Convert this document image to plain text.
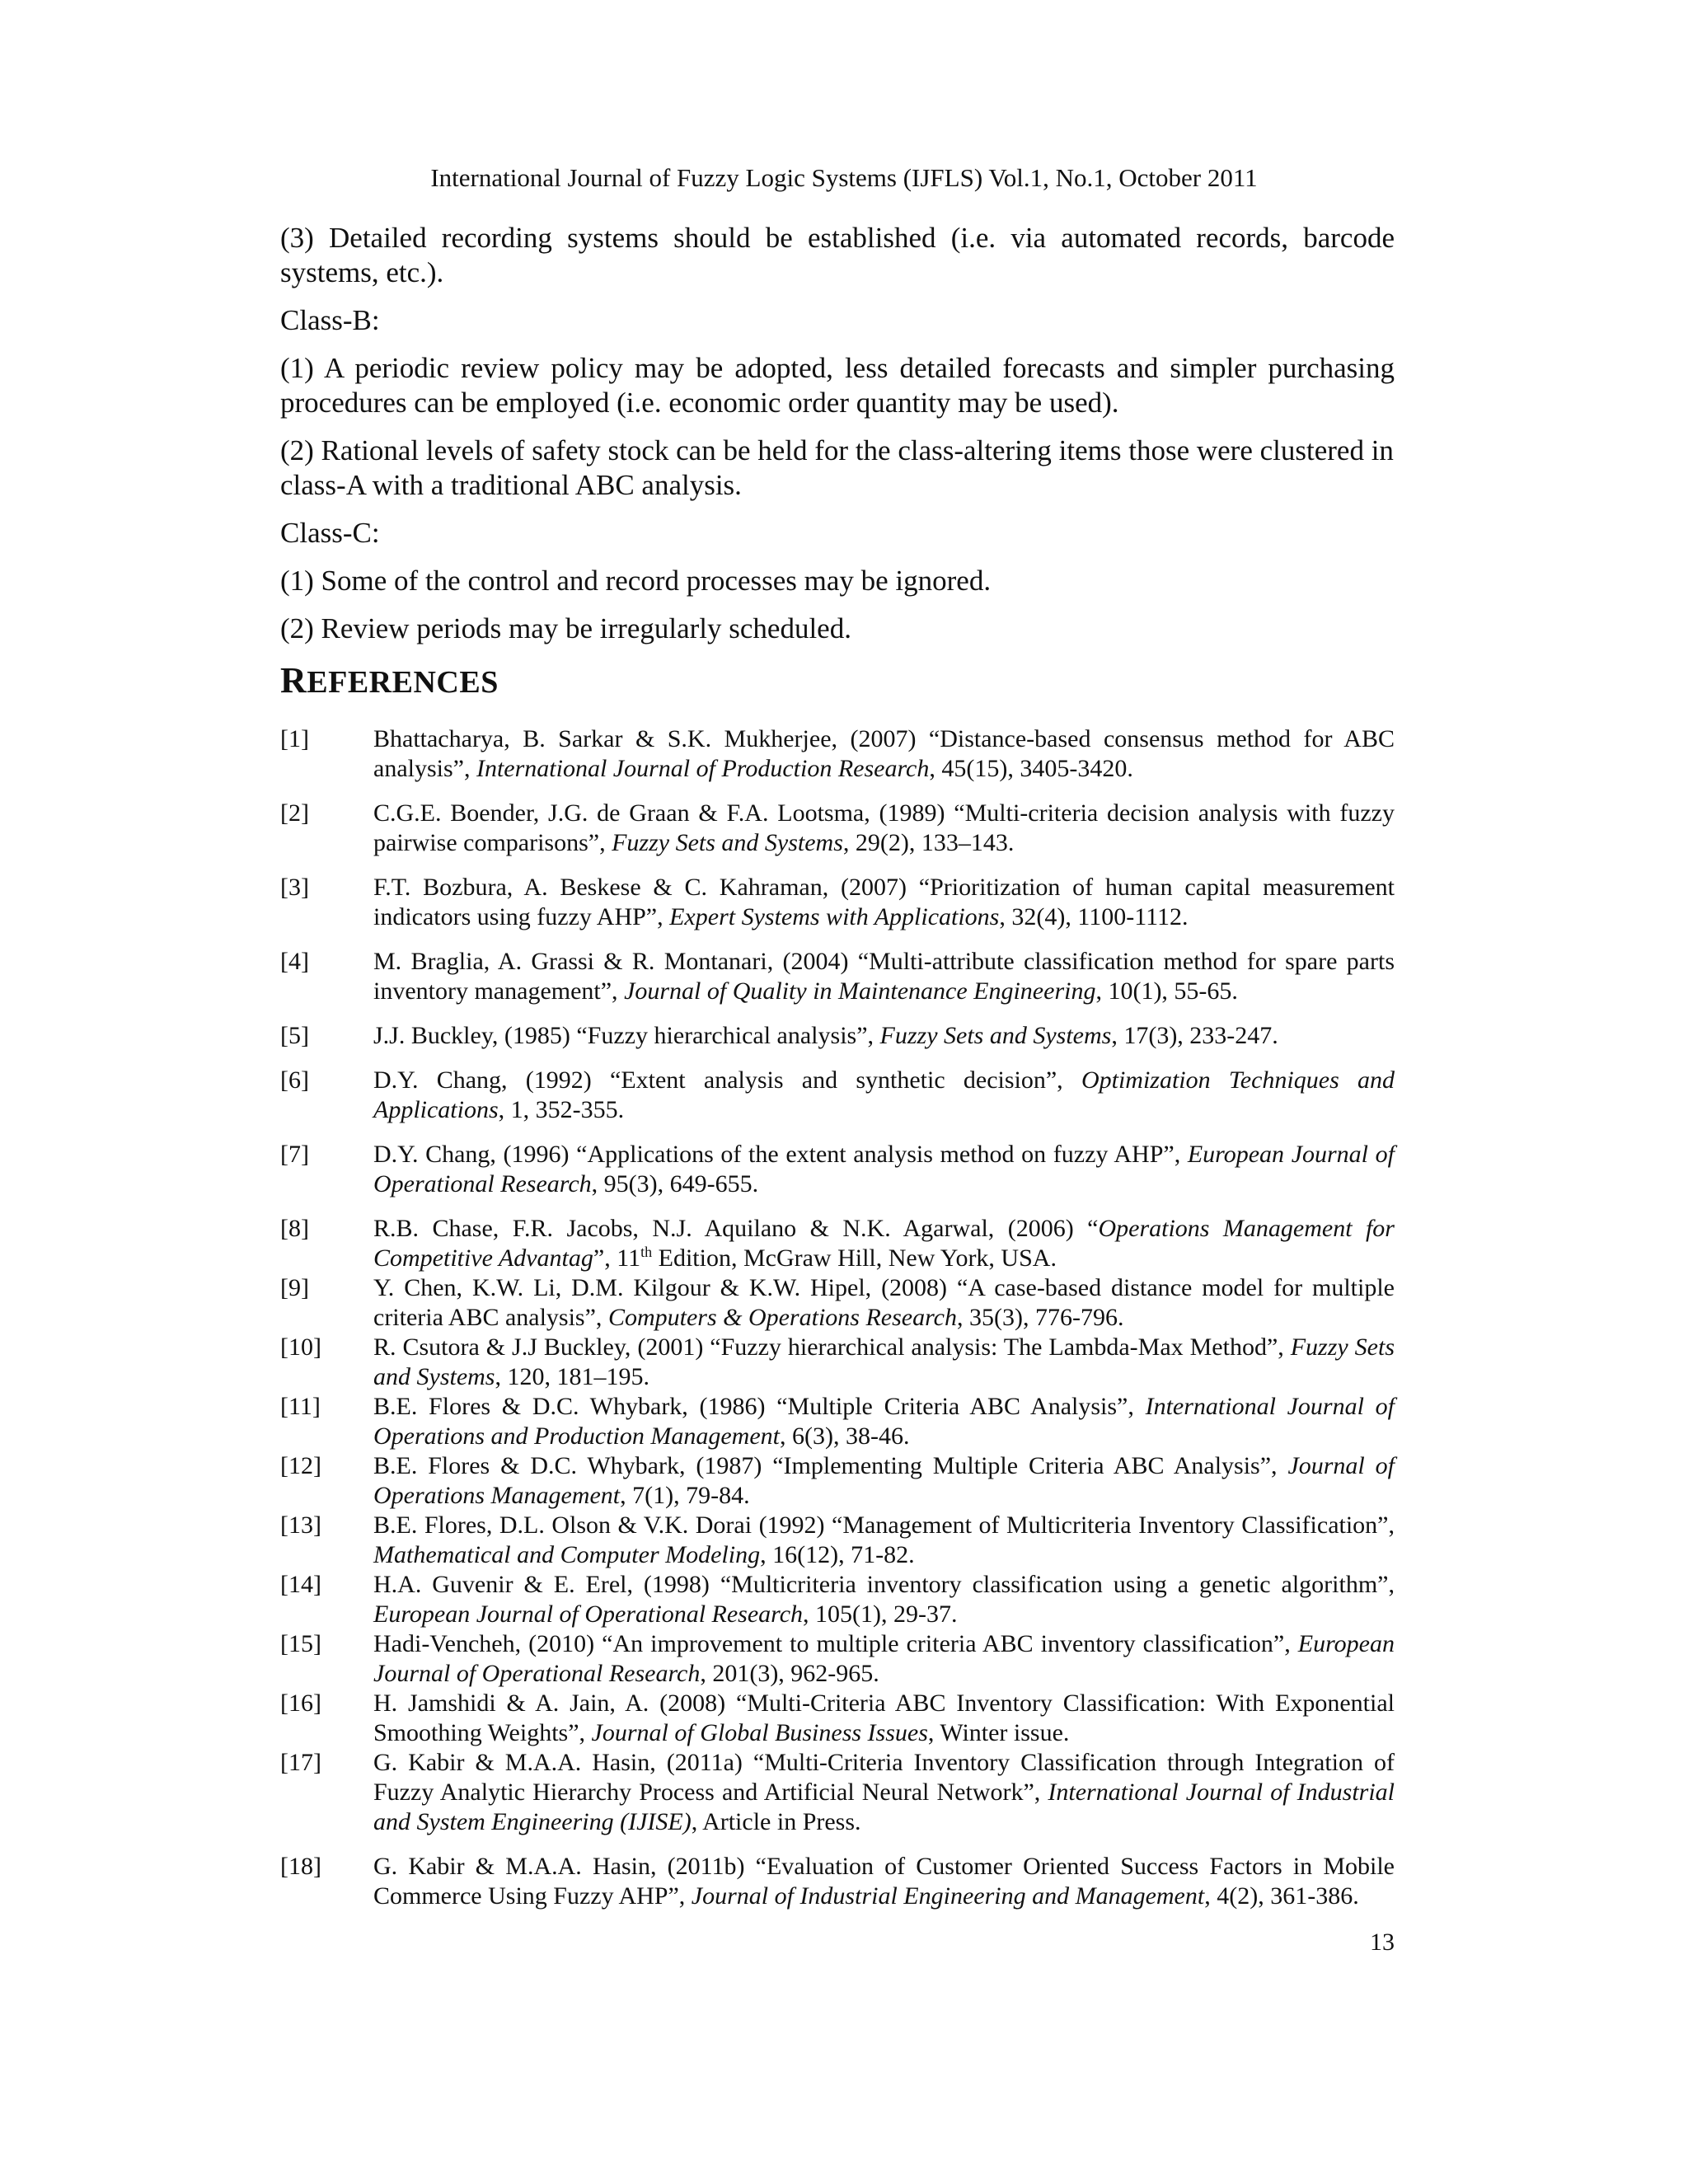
International Journal of Fuzzy Logic Systems (IJFLS) Vol.1, No.1, October 2011

(3) Detailed recording systems should be established (i.e. via automated records, barcode systems, etc.).

Class-B:

(1) A periodic review policy may be adopted, less detailed forecasts and simpler purchasing procedures can be employed (i.e. economic order quantity may be used).

(2) Rational levels of safety stock can be held for the class-altering items those were clustered in class-A with a traditional ABC analysis.

Class-C:

(1) Some of the control and record processes may be ignored.

(2) Review periods may be irregularly scheduled.

REFERENCES
[1]	Bhattacharya, B. Sarkar & S.K. Mukherjee, (2007) “Distance-based consensus method for ABC analysis”, International Journal of Production Research, 45(15), 3405-3420.
[2]	C.G.E. Boender, J.G. de Graan & F.A. Lootsma, (1989) “Multi-criteria decision analysis with fuzzy pairwise comparisons”, Fuzzy Sets and Systems, 29(2), 133–143.
[3]	F.T. Bozbura, A. Beskese & C. Kahraman, (2007) “Prioritization of human capital measurement indicators using fuzzy AHP”, Expert Systems with Applications, 32(4), 1100-1112.
[4]	M. Braglia, A. Grassi & R. Montanari, (2004) “Multi-attribute classification method for spare parts inventory management”, Journal of Quality in Maintenance Engineering, 10(1), 55-65.
[5]	J.J. Buckley, (1985) “Fuzzy hierarchical analysis”, Fuzzy Sets and Systems, 17(3), 233-247.
[6]	D.Y. Chang, (1992) “Extent analysis and synthetic decision”, Optimization Techniques and Applications, 1, 352-355.
[7]	D.Y. Chang, (1996) “Applications of the extent analysis method on fuzzy AHP”, European Journal of Operational Research, 95(3), 649-655.
[8]	R.B. Chase, F.R. Jacobs, N.J. Aquilano & N.K. Agarwal, (2006) “Operations Management for Competitive Advantag”, 11th Edition, McGraw Hill, New York, USA.
[9]	Y. Chen, K.W. Li, D.M. Kilgour & K.W. Hipel, (2008) “A case-based distance model for multiple criteria ABC analysis”, Computers & Operations Research, 35(3), 776-796.
[10] R. Csutora & J.J Buckley, (2001) “Fuzzy hierarchical analysis: The Lambda-Max Method”, Fuzzy Sets and Systems, 120, 181–195.
[11] B.E. Flores & D.C. Whybark, (1986) “Multiple Criteria ABC Analysis”, International Journal of Operations and Production Management, 6(3), 38-46.
[12] B.E. Flores & D.C. Whybark, (1987) “Implementing Multiple Criteria ABC Analysis”, Journal of Operations Management, 7(1), 79-84.
[13] B.E. Flores, D.L. Olson & V.K. Dorai (1992) “Management of Multicriteria Inventory Classification”, Mathematical and Computer Modeling, 16(12), 71-82.
[14] H.A. Guvenir & E. Erel, (1998) “Multicriteria inventory classification using a genetic algorithm”, European Journal of Operational Research, 105(1), 29-37.
[15] Hadi-Vencheh, (2010) “An improvement to multiple criteria ABC inventory classification”, European Journal of Operational Research, 201(3), 962-965.
[16] H. Jamshidi & A. Jain, A. (2008) “Multi-Criteria ABC Inventory Classification: With Exponential Smoothing Weights”, Journal of Global Business Issues, Winter issue.
[17] G. Kabir & M.A.A. Hasin, (2011a) “Multi-Criteria Inventory Classification through Integration of Fuzzy Analytic Hierarchy Process and Artificial Neural Network”, International Journal of Industrial and System Engineering (IJISE), Article in Press.
[18] G. Kabir & M.A.A. Hasin, (2011b) “Evaluation of Customer Oriented Success Factors in Mobile Commerce Using Fuzzy AHP”, Journal of Industrial Engineering and Management, 4(2), 361-386.
13
